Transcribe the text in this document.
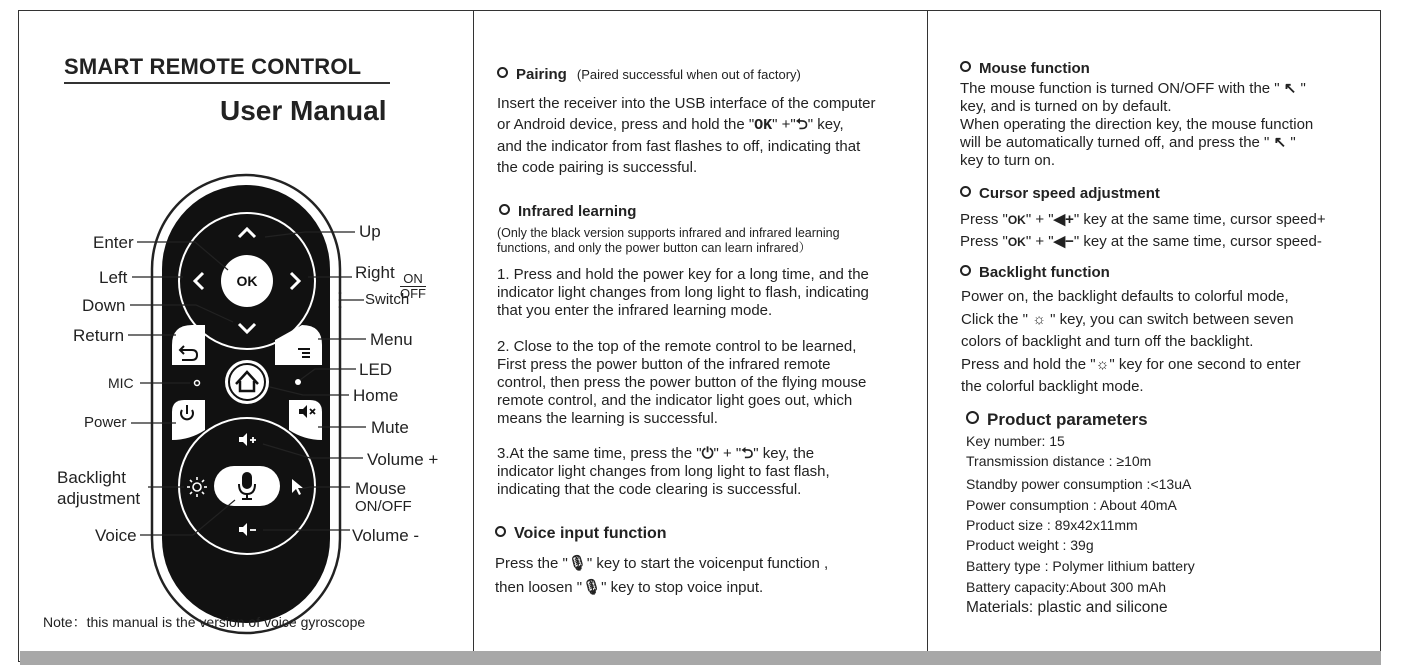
SMART REMOTE CONTROL
User Manual
OK
Enter
Left
Down
Return
MIC
Power
Backlight
adjustment
Voice
Up
Right
Switch
ON
OFF
Menu
LED
Home
Mute
Volume +
Mouse
ON/OFF
Volume -
Note：this manual is the version of voice gyroscope
Pairing (Paired successful when out of factory)
Insert the receiver into the USB interface of the computer
or Android device, press and hold the "OK" +"⮌" key,
and the indicator from fast flashes to off, indicating that
the code pairing is successful.
Infrared learning
(Only the black version supports infrared and infrared learning
functions, and only the power button can learn infrared）
1. Press and hold the power key for a long time, and the
indicator light changes from long light to flash, indicating
that you enter the infrared learning mode.
2. Close to the top of the remote control to be learned,
First press the power button of the infrared remote
control, then press the power button of the flying mouse
remote control, and the indicator light goes out, which
means the learning is successful.
3.At the same time, press the "⏻" + "⮌" key, the
indicator light changes from long light to fast flash,
indicating that the code clearing is successful.
Voice input function
Press the "🎙" key to start the voicenput function ,
then loosen "🎙" key to stop voice input.
Mouse function
The mouse function is turned ON/OFF with the " ↖ "
key, and is turned on by default.
When operating the direction key, the mouse function
will be automatically turned off, and press the " ↖ "
key to turn on.
Cursor speed adjustment
Press "OK" + "◀+" key at the same time, cursor speed+
Press "OK" + "◀−" key at the same time, cursor speed-
Backlight function
Power on, the backlight defaults to colorful mode,
Click the " ☼ " key, you can switch between seven
colors of backlight and turn off the backlight.
Press and hold the "☼" key for one second to enter
the colorful backlight mode.
Product parameters
Key number: 15
Transmission distance : ≥10m
Standby power consumption :<13uA
Power consumption : About 40mA
Product size : 89x42x11mm
Product weight : 39g
Battery type : Polymer lithium battery
Battery capacity:About 300 mAh
Materials: plastic and silicone
